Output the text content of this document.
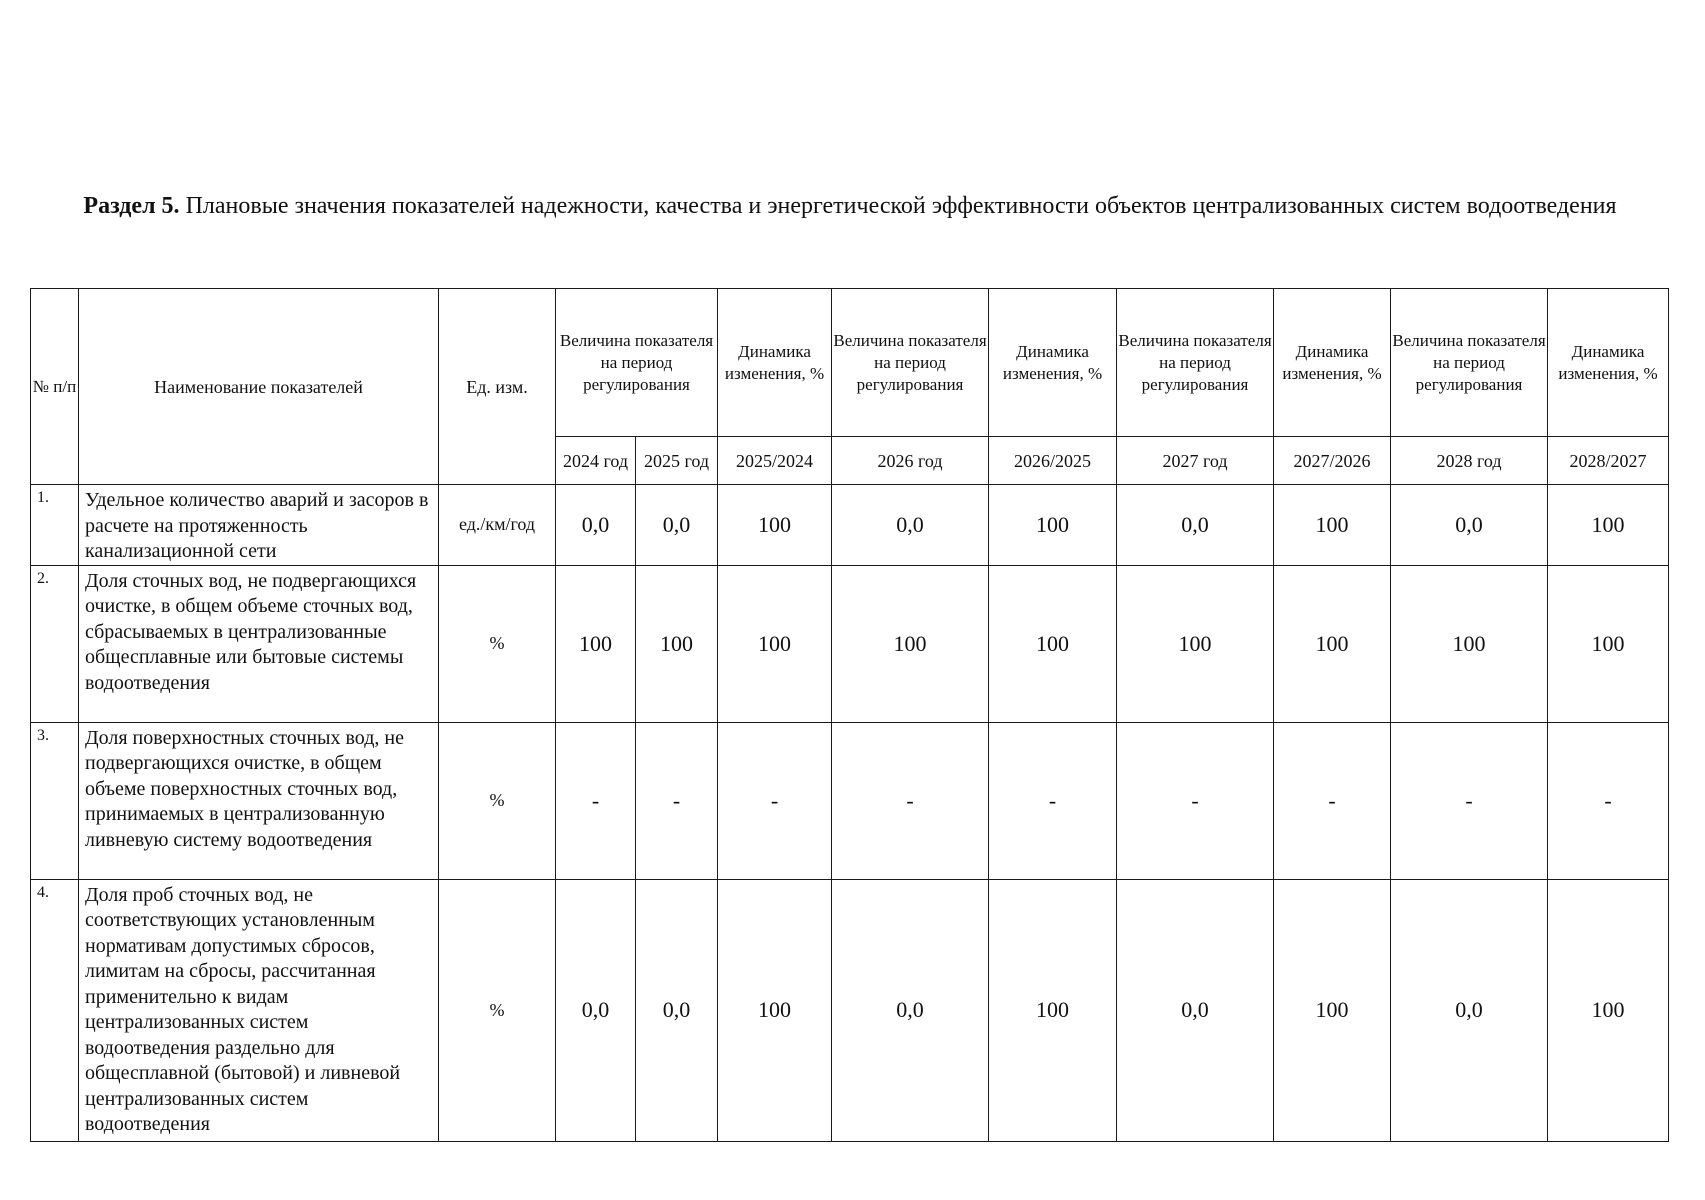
Раздел 5. Плановые значения показателей надежности, качества и энергетической эффективности объектов централизованных систем водоотведения
№ п/п	Наименование показателей	Ед. изм.	Величина показателя на период регулирования		Динамика изменения, %	Величина показателя на период регулирования	Динамика изменения, %	Величина показателя на период регулирования	Динамика изменения, %	Величина показателя на период регулирования	Динамика изменения, %
			2024 год	2025 год	2025/2024	2026 год	2026/2025	2027 год	2027/2026	2028 год	2028/2027
1.	Удельное количество аварий и засоров в расчете на протяженность канализационной сети	ед./км/год	0,0	0,0	100	0,0	100	0,0	100	0,0	100
2.	Доля сточных вод, не подвергающихся очистке, в общем объеме сточных вод, сбрасываемых в централизованные общесплавные или бытовые системы водоотведения	%	100	100	100	100	100	100	100	100	100
3.	Доля поверхностных сточных вод, не подвергающихся очистке, в общем объеме поверхностных сточных вод, принимаемых в централизованную ливневую систему водоотведения	%	-	-	-	-	-	-	-	-	-
4.	Доля проб сточных вод, не соответствующих установленным нормативам допустимых сбросов, лимитам на сбросы, рассчитанная применительно к видам централизованных систем водоотведения раздельно для общесплавной (бытовой) и ливневой централизованных систем водоотведения	%	0,0	0,0	100	0,0	100	0,0	100	0,0	100
